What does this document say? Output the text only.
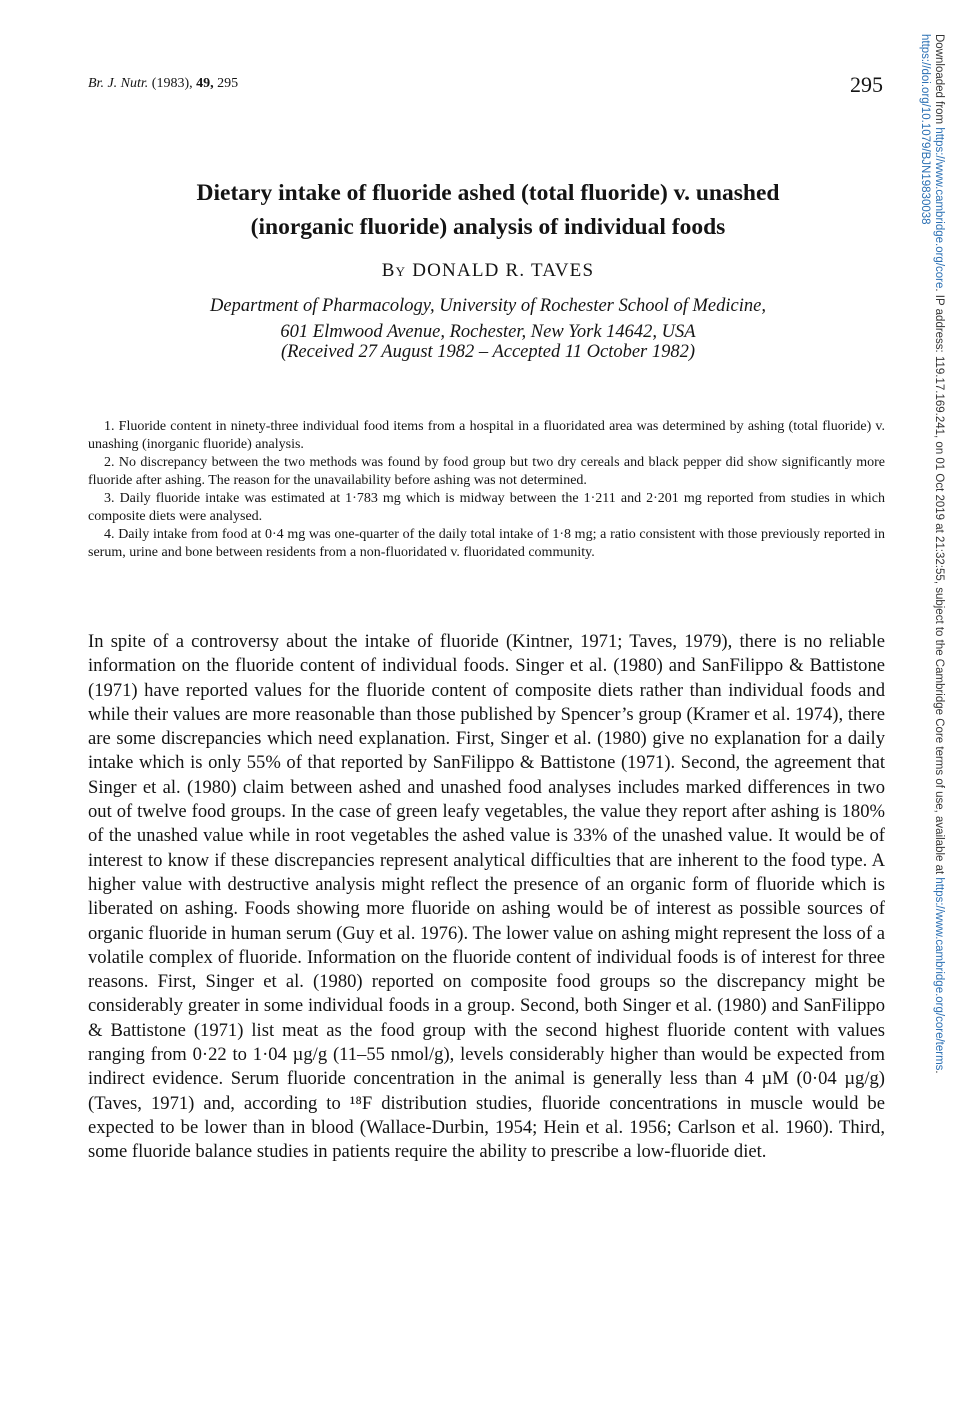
Br. J. Nutr. (1983), 49, 295	295	Downloaded from https://www.cambridge.org/core. IP address: 119.17.169.241, on 01 Oct 2019 at 21:32:55, subject to the Cambridge Core terms of use, available at https://www.cambridge.org/core/terms.
https://doi.org/10.1079/BJN19830038
Dietary intake of fluoride ashed (total fluoride) v. unashed
(inorganic fluoride) analysis of individual foods
By DONALD R. TAVES
Department of Pharmacology, University of Rochester School of Medicine,
601 Elmwood Avenue, Rochester, New York 14642, USA
(Received 27 August 1982 – Accepted 11 October 1982)

1. Fluoride content in ninety-three individual food items from a hospital in a fluoridated area was determined by ashing (total fluoride) v. unashing (inorganic fluoride) analysis.

2. No discrepancy between the two methods was found by food group but two dry cereals and black pepper did show significantly more fluoride after ashing. The reason for the unavailability before ashing was not determined.

3. Daily fluoride intake was estimated at 1·783 mg which is midway between the 1·211 and 2·201 mg reported from studies in which composite diets were analysed.

4. Daily intake from food at 0·4 mg was one-quarter of the daily total intake of 1·8 mg; a ratio consistent with those previously reported in serum, urine and bone between residents from a non-fluoridated v. fluoridated community.

In spite of a controversy about the intake of fluoride (Kintner, 1971; Taves, 1979), there is no reliable information on the fluoride content of individual foods. Singer et al. (1980) and SanFilippo & Battistone (1971) have reported values for the fluoride content of composite diets rather than individual foods and while their values are more reasonable than those published by Spencer’s group (Kramer et al. 1974), there are some discrepancies which need explanation. First, Singer et al. (1980) give no explanation for a daily intake which is only 55% of that reported by SanFilippo & Battistone (1971). Second, the agreement that Singer et al. (1980) claim between ashed and unashed food analyses includes marked differences in two out of twelve food groups. In the case of green leafy vegetables, the value they report after ashing is 180% of the unashed value while in root vegetables the ashed value is 33% of the unashed value. It would be of interest to know if these discrepancies represent analytical difficulties that are inherent to the food type. A higher value with destructive analysis might reflect the presence of an organic form of fluoride which is liberated on ashing. Foods showing more fluoride on ashing would be of interest as possible sources of organic fluoride in human serum (Guy et al. 1976). The lower value on ashing might represent the loss of a volatile complex of fluoride. Information on the fluoride content of individual foods is of interest for three reasons. First, Singer et al. (1980) reported on composite food groups so the discrepancy might be considerably greater in some individual foods in a group. Second, both Singer et al. (1980) and SanFilippo & Battistone (1971) list meat as the food group with the second highest fluoride content with values ranging from 0·22 to 1·04 µg/g (11–55 nmol/g), levels considerably higher than would be expected from indirect evidence. Serum fluoride concentration in the animal is generally less than 4 µM (0·04 µg/g) (Taves, 1971) and, according to ¹⁸F distribution studies, fluoride concentrations in muscle would be expected to be lower than in blood (Wallace-Durbin, 1954; Hein et al. 1956; Carlson et al. 1960). Third, some fluoride balance studies in patients require the ability to prescribe a low-fluoride diet.
